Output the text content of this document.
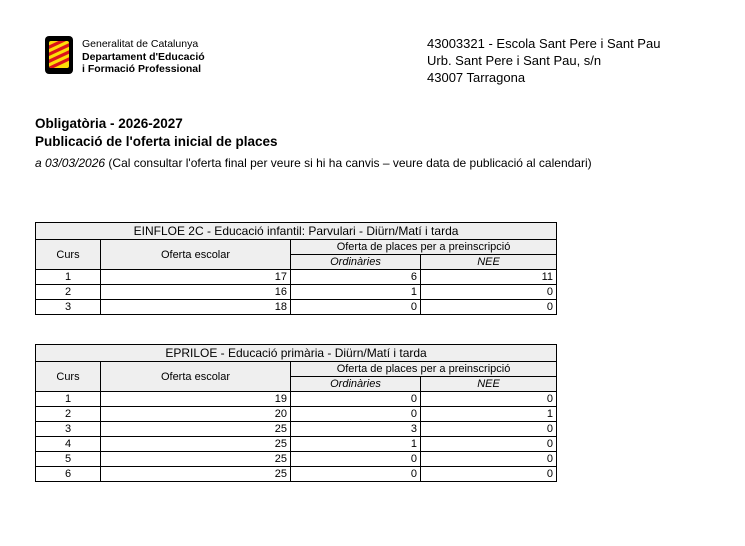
Generalitat de Catalunya
Departament d'Educació
i Formació Professional
43003321 - Escola Sant Pere i Sant Pau
Urb. Sant Pere i Sant Pau, s/n
43007 Tarragona
Obligatòria - 2026-2027
Publicació de l'oferta inicial de places
a 03/03/2026 (Cal consultar l'oferta final per veure si hi ha canvis – veure data de publicació al calendari)
EINFLOE 2C - Educació infantil: Parvulari - Diürn/Matí i tarda			
Curs	Oferta escolar	Oferta de places per a preinscripció	
		Ordinàries	NEE
1	17	6	11
2	16	1	0
3	18	0	0
EPRILOE - Educació primària - Diürn/Matí i tarda			
Curs	Oferta escolar	Oferta de places per a preinscripció	
		Ordinàries	NEE
1	19	0	0
2	20	0	1
3	25	3	0
4	25	1	0
5	25	0	0
6	25	0	0
